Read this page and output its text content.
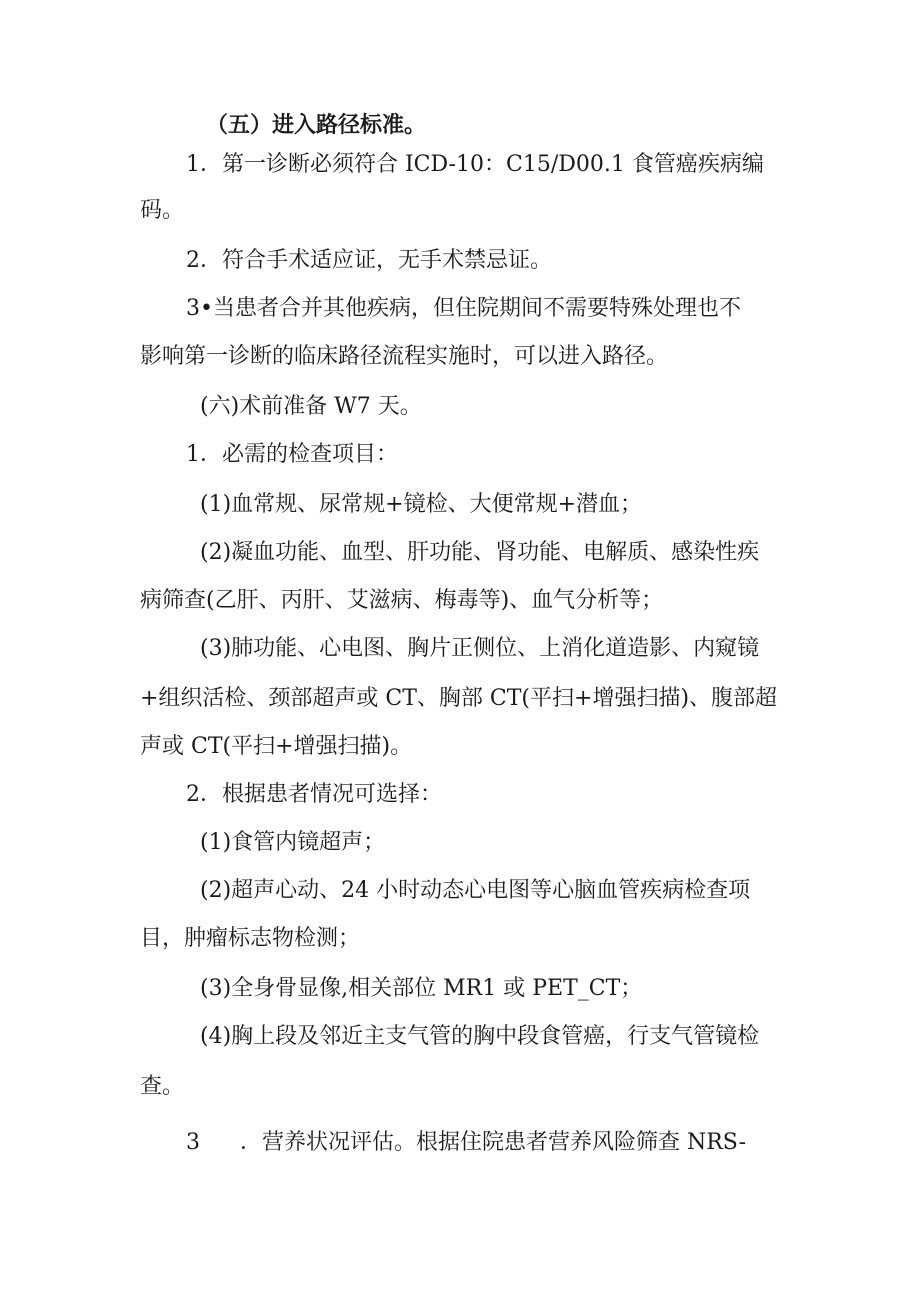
（五）进入路径标准。

1．第一诊断必须符合 ICD-10：C15/D00.1 食管癌疾病编

码。

2．符合手术适应证，无手术禁忌证。

3•当患者合并其他疾病，但住院期间不需要特殊处理也不

影响第一诊断的临床路径流程实施时，可以进入路径。

(六)术前准备 W7 天。

1．必需的检查项目：

(1)血常规、尿常规+镜检、大便常规+潜血；

(2)凝血功能、血型、肝功能、肾功能、电解质、感染性疾

病筛查(乙肝、丙肝、艾滋病、梅毒等)、血气分析等；

(3)肺功能、心电图、胸片正侧位、上消化道造影、内窥镜

+组织活检、颈部超声或 CT、胸部 CT(平扫+增强扫描)、腹部超

声或 CT(平扫+增强扫描)。

2．根据患者情况可选择：

(1)食管内镜超声；

(2)超声心动、24 小时动态心电图等心脑血管疾病检查项

目，肿瘤标志物检测；

(3)全身骨显像,相关部位 MR1 或 PET_CT；

(4)胸上段及邻近主支气管的胸中段食管癌，行支气管镜检

查。

3 ．营养状况评估。根据住院患者营养风险筛查 NRS-
